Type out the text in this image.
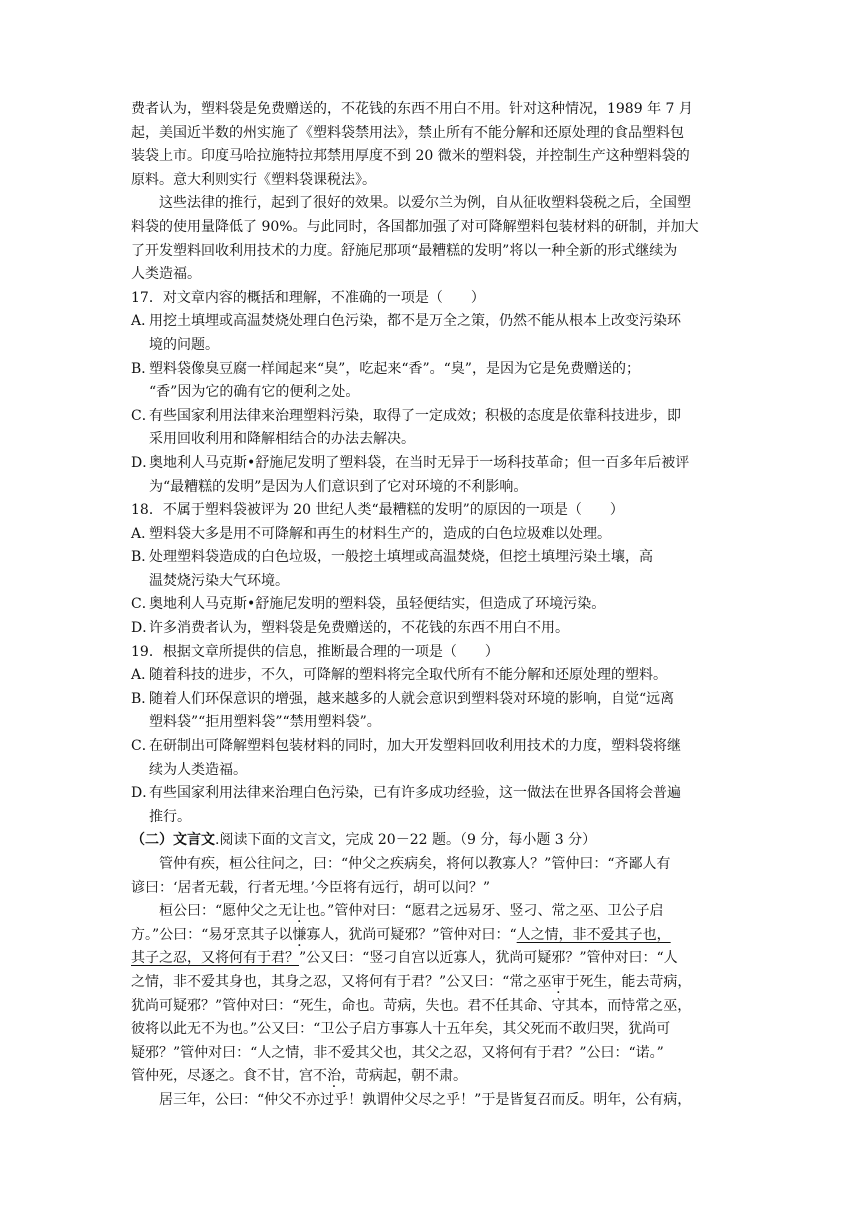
费者认为，塑料袋是免费赠送的，不花钱的东西不用白不用。针对这种情况，1989 年 7 月
起，美国近半数的州实施了《塑料袋禁用法》，禁止所有不能分解和还原处理的食品塑料包
装袋上市。印度马哈拉施特拉邦禁用厚度不到 20 微米的塑料袋，并控制生产这种塑料袋的
原料。意大利则实行《塑料袋课税法》。
这些法律的推行，起到了很好的效果。以爱尔兰为例，自从征收塑料袋税之后，全国塑
料袋的使用量降低了 90%。与此同时，各国都加强了对可降解塑料包装材料的研制，并加大
了开发塑料回收利用技术的力度。舒施尼那项“最糟糕的发明”将以一种全新的形式继续为
人类造福。
17．对文章内容的概括和理解，不准确的一项是（　　）
A．用挖土填埋或高温焚烧处理白色污染，都不是万全之策，仍然不能从根本上改变污染环
境的问题。
B．塑料袋像臭豆腐一样闻起来“臭”，吃起来“香”。“臭”，是因为它是免费赠送的；
“香”因为它的确有它的便利之处。
C．有些国家利用法律来治理塑料污染，取得了一定成效；积极的态度是依靠科技进步，即
采用回收利用和降解相结合的办法去解决。
D．奥地利人马克斯•舒施尼发明了塑料袋，在当时无异于一场科技革命；但一百多年后被评
为“最糟糕的发明”是因为人们意识到了它对环境的不利影响。
18．不属于塑料袋被评为 20 世纪人类“最糟糕的发明”的原因的一项是（　　）
A．塑料袋大多是用不可降解和再生的材料生产的，造成的白色垃圾难以处理。
B．处理塑料袋造成的白色垃圾，一般挖土填埋或高温焚烧，但挖土填埋污染土壤，高
温焚烧污染大气环境。
C．奥地利人马克斯•舒施尼发明的塑料袋，虽轻便结实，但造成了环境污染。
D．许多消费者认为，塑料袋是免费赠送的，不花钱的东西不用白不用。
19．根据文章所提供的信息，推断最合理的一项是（　　）
A．随着科技的进步，不久，可降解的塑料将完全取代所有不能分解和还原处理的塑料。
B．随着人们环保意识的增强，越来越多的人就会意识到塑料袋对环境的影响，自觉“远离
塑料袋”“拒用塑料袋”“禁用塑料袋”。
C．在研制出可降解塑料包装材料的同时，加大开发塑料回收利用技术的力度，塑料袋将继
续为人类造福。
D．有些国家利用法律来治理白色污染，已有许多成功经验，这一做法在世界各国将会普遍
推行。
（二）文言文.阅读下面的文言文，完成 20－22 题。（9 分，每小题 3 分）
管仲有疾，桓公往问之，曰：“仲父之疾病矣，将何以教寡人？”管仲曰：“齐鄙人有
谚曰：‘居者无载，行者无埋。’今臣将有远行，胡可以问？”
桓公曰：“愿仲父之无让也。”管仲对曰：“愿君之远易牙、竖刁、常之巫、卫公子启
方。”公曰：“易牙烹其子以慊寡人，犹尚可疑邪？”管仲对曰：“人之情，非不爱其子也，
其子之忍，又将何有于君？”公又曰：“竖刁自宫以近寡人，犹尚可疑邪？”管仲对曰：“人
之情，非不爱其身也，其身之忍，又将何有于君？”公又曰：“常之巫审于死生，能去苛病，
犹尚可疑邪？”管仲对曰：“死生，命也。苛病，失也。君不任其命、守其本，而恃常之巫，
彼将以此无不为也。”公又曰：“卫公子启方事寡人十五年矣，其父死而不敢归哭，犹尚可
疑邪？”管仲对曰：“人之情，非不爱其父也，其父之忍，又将何有于君？”公曰：“诺。”
管仲死，尽逐之。食不甘，宫不治，苛病起，朝不肃。
居三年，公曰：“仲父不亦过乎！孰谓仲父尽之乎！”于是皆复召而反。明年，公有病，
